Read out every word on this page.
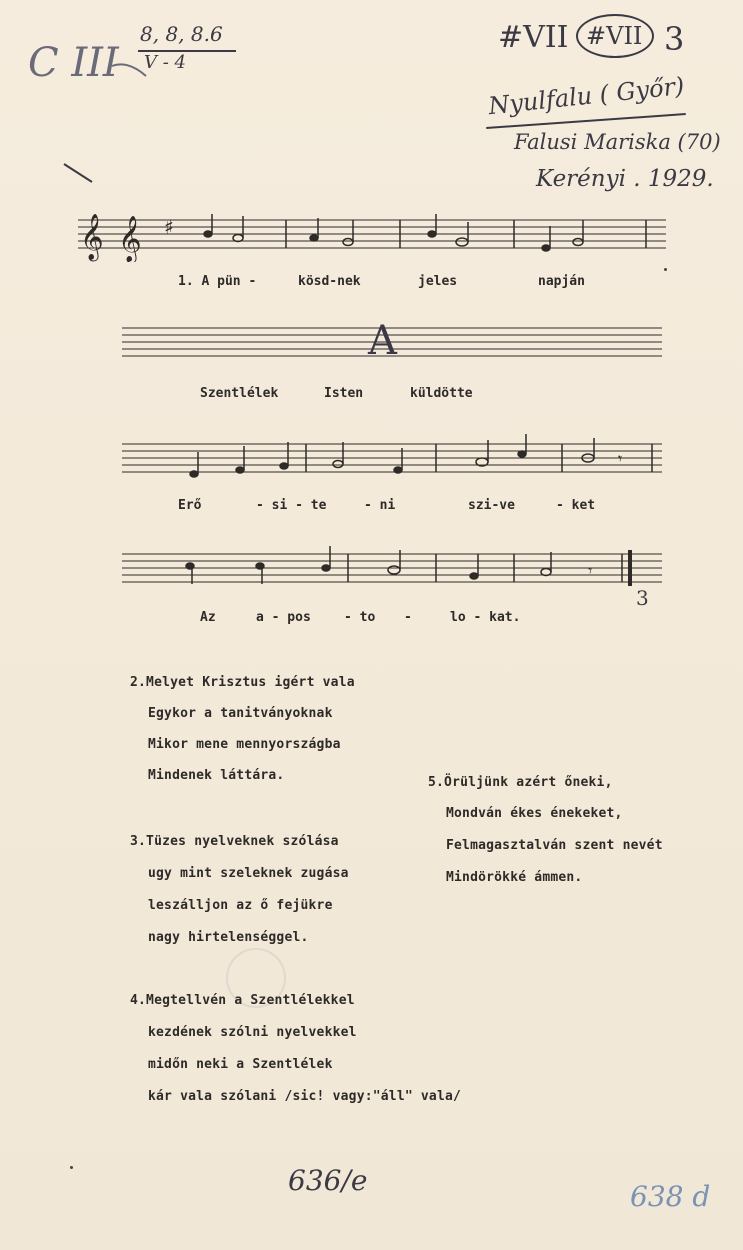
8, 8, 8.6
V - 4
C III
#VII #VII 3
Nyulfalu ( Győr)
Falusi Mariska (70)
Kerényi . 1929.
𝄞 𝄞 ♯
1. A pün -	kösd-nek	jeles	napján
A
Szentlélek	Isten	küldötte
𝄾
Erő	- si - te	- ni	szi-ve	- ket
𝄾
3
Az	a - pos	- to -	lo - kat.
2.Melyet Krisztus igért vala
Egykor a tanitványoknak
Mikor mene mennyországba
Mindenek láttára.	5.Örüljünk azért őneki,
Mondván ékes énekeket,
Felmagasztalván szent nevét
Mindörökké ámmen.
3.Tüzes nyelveknek szólása
ugy mint szeleknek zugása
leszálljon az ő fejükre
nagy hirtelenséggel.
4.Megtellvén a Szentlélekkel
kezdének szólni nyelvekkel
midőn neki a Szentlélek
kár vala szólani /sic! vagy:"áll" vala/
636/e	638 d
